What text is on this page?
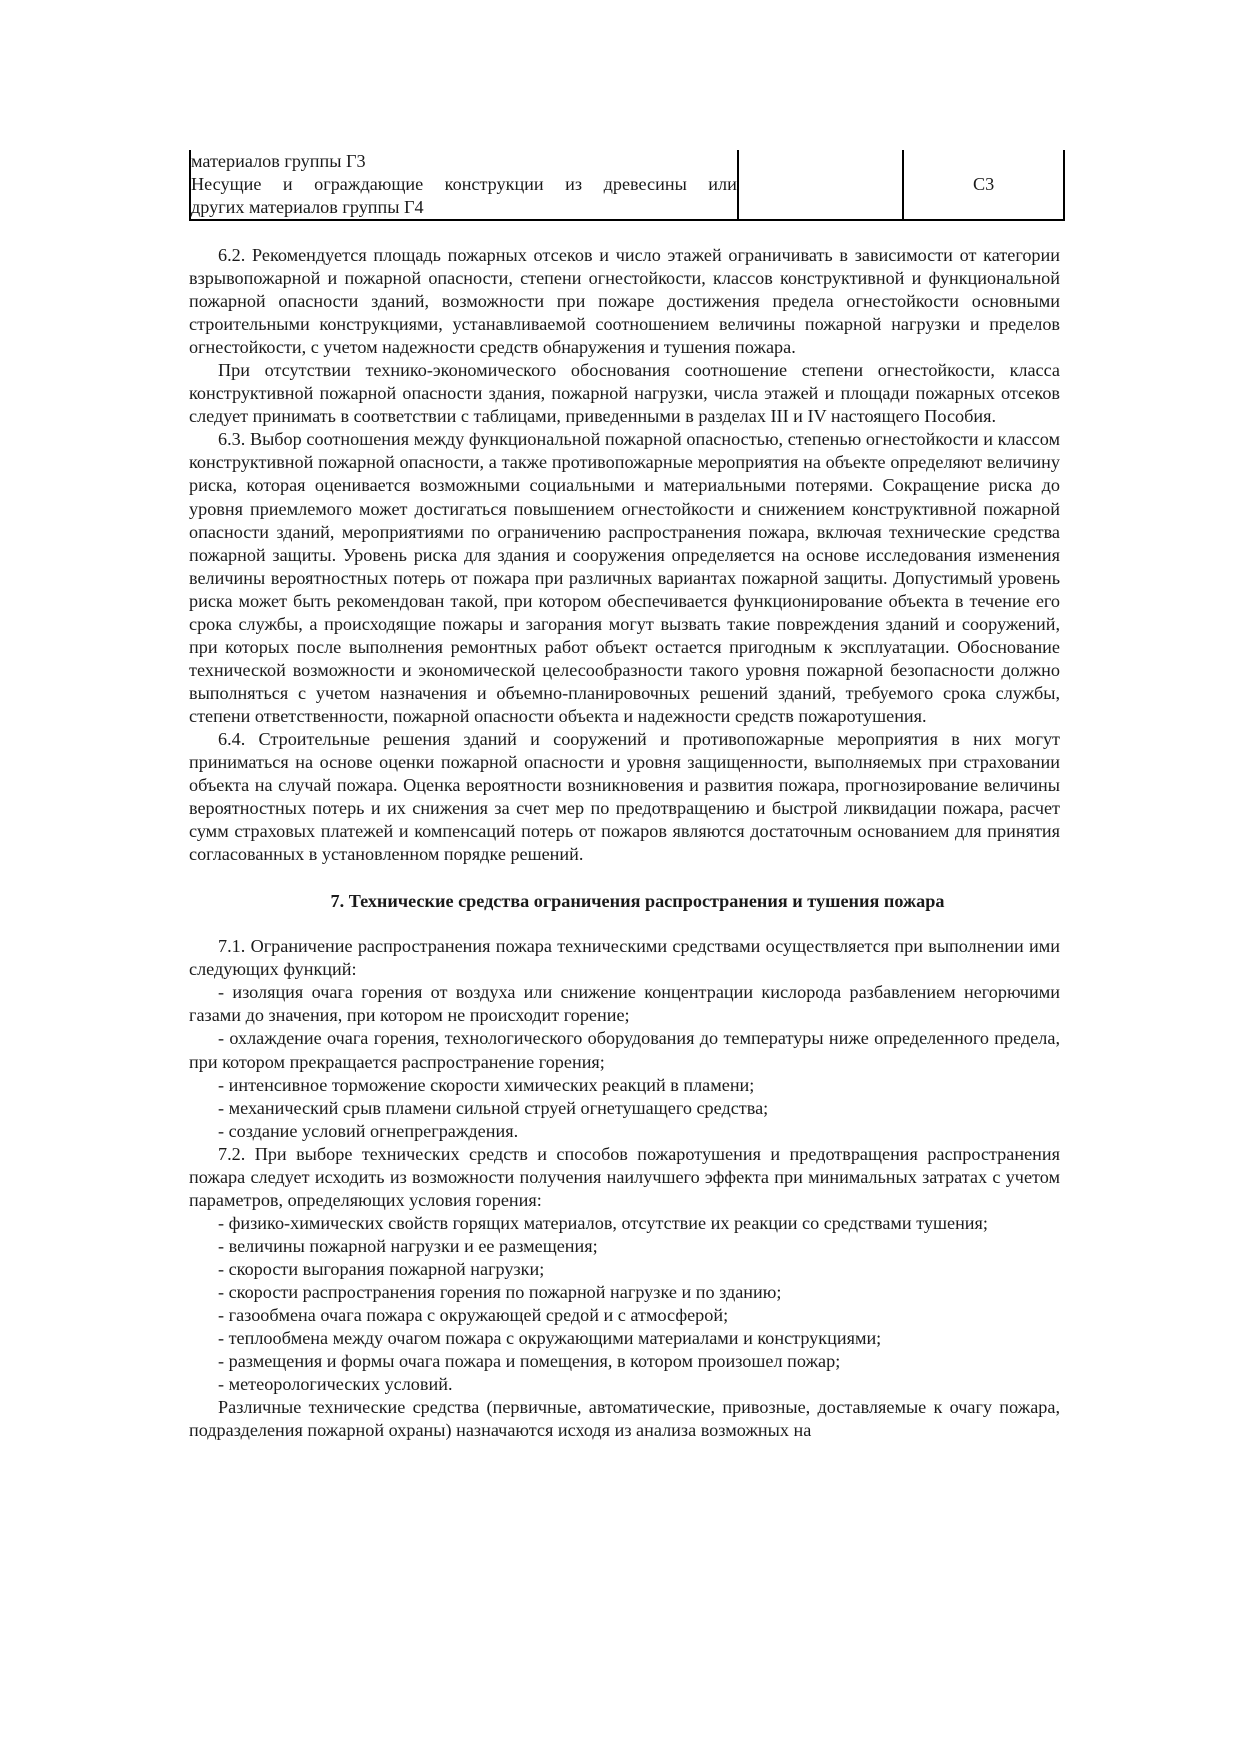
материалов группы Г3
Несущие и ограждающие конструкции из древесины или
других материалов группы Г4
		С3

6.2. Рекомендуется площадь пожарных отсеков и число этажей ограничивать в зависимости от категории взрывопожарной и пожарной опасности, степени огнестойкости, классов конструктивной и функциональной пожарной опасности зданий, возможности при пожаре достижения предела огнестойкости основными строительными конструкциями, устанавливаемой соотношением величины пожарной нагрузки и пределов огнестойкости, с учетом надежности средств обнаружения и тушения пожара.

При отсутствии технико-экономического обоснования соотношение степени огнестойкости, класса конструктивной пожарной опасности здания, пожарной нагрузки, числа этажей и площади пожарных отсеков следует принимать в соответствии с таблицами, приведенными в разделах III и IV настоящего Пособия.

6.3. Выбор соотношения между функциональной пожарной опасностью, степенью огнестойкости и классом конструктивной пожарной опасности, а также противопожарные мероприятия на объекте определяют величину риска, которая оценивается возможными социальными и материальными потерями. Сокращение риска до уровня приемлемого может достигаться повышением огнестойкости и снижением конструктивной пожарной опасности зданий, мероприятиями по ограничению распространения пожара, включая технические средства пожарной защиты. Уровень риска для здания и сооружения определяется на основе исследования изменения величины вероятностных потерь от пожара при различных вариантах пожарной защиты. Допустимый уровень риска может быть рекомендован такой, при котором обеспечивается функционирование объекта в течение его срока службы, а происходящие пожары и загорания могут вызвать такие повреждения зданий и сооружений, при которых после выполнения ремонтных работ объект остается пригодным к эксплуатации. Обоснование технической возможности и экономической целесообразности такого уровня пожарной безопасности должно выполняться с учетом назначения и объемно-планировочных решений зданий, требуемого срока службы, степени ответственности, пожарной опасности объекта и надежности средств пожаротушения.

6.4. Строительные решения зданий и сооружений и противопожарные мероприятия в них могут приниматься на основе оценки пожарной опасности и уровня защищенности, выполняемых при страховании объекта на случай пожара. Оценка вероятности возникновения и развития пожара, прогнозирование величины вероятностных потерь и их снижения за счет мер по предотвращению и быстрой ликвидации пожара, расчет сумм страховых платежей и компенсаций потерь от пожаров являются достаточным основанием для принятия согласованных в установленном порядке решений.

7. Технические средства ограничения распространения и тушения пожара

7.1. Ограничение распространения пожара техническими средствами осуществляется при выполнении ими следующих функций:

- изоляция очага горения от воздуха или снижение концентрации кислорода разбавлением негорючими газами до значения, при котором не происходит горение;

- охлаждение очага горения, технологического оборудования до температуры ниже определенного предела, при котором прекращается распространение горения;

- интенсивное торможение скорости химических реакций в пламени;

- механический срыв пламени сильной струей огнетушащего средства;

- создание условий огнепреграждения.

7.2. При выборе технических средств и способов пожаротушения и предотвращения распространения пожара следует исходить из возможности получения наилучшего эффекта при минимальных затратах с учетом параметров, определяющих условия горения:

- физико-химических свойств горящих материалов, отсутствие их реакции со средствами тушения;

- величины пожарной нагрузки и ее размещения;

- скорости выгорания пожарной нагрузки;

- скорости распространения горения по пожарной нагрузке и по зданию;

- газообмена очага пожара с окружающей средой и с атмосферой;

- теплообмена между очагом пожара с окружающими материалами и конструкциями;

- размещения и формы очага пожара и помещения, в котором произошел пожар;

- метеорологических условий.

Различные технические средства (первичные, автоматические, привозные, доставляемые к очагу пожара, подразделения пожарной охраны) назначаются исходя из анализа возможных на
